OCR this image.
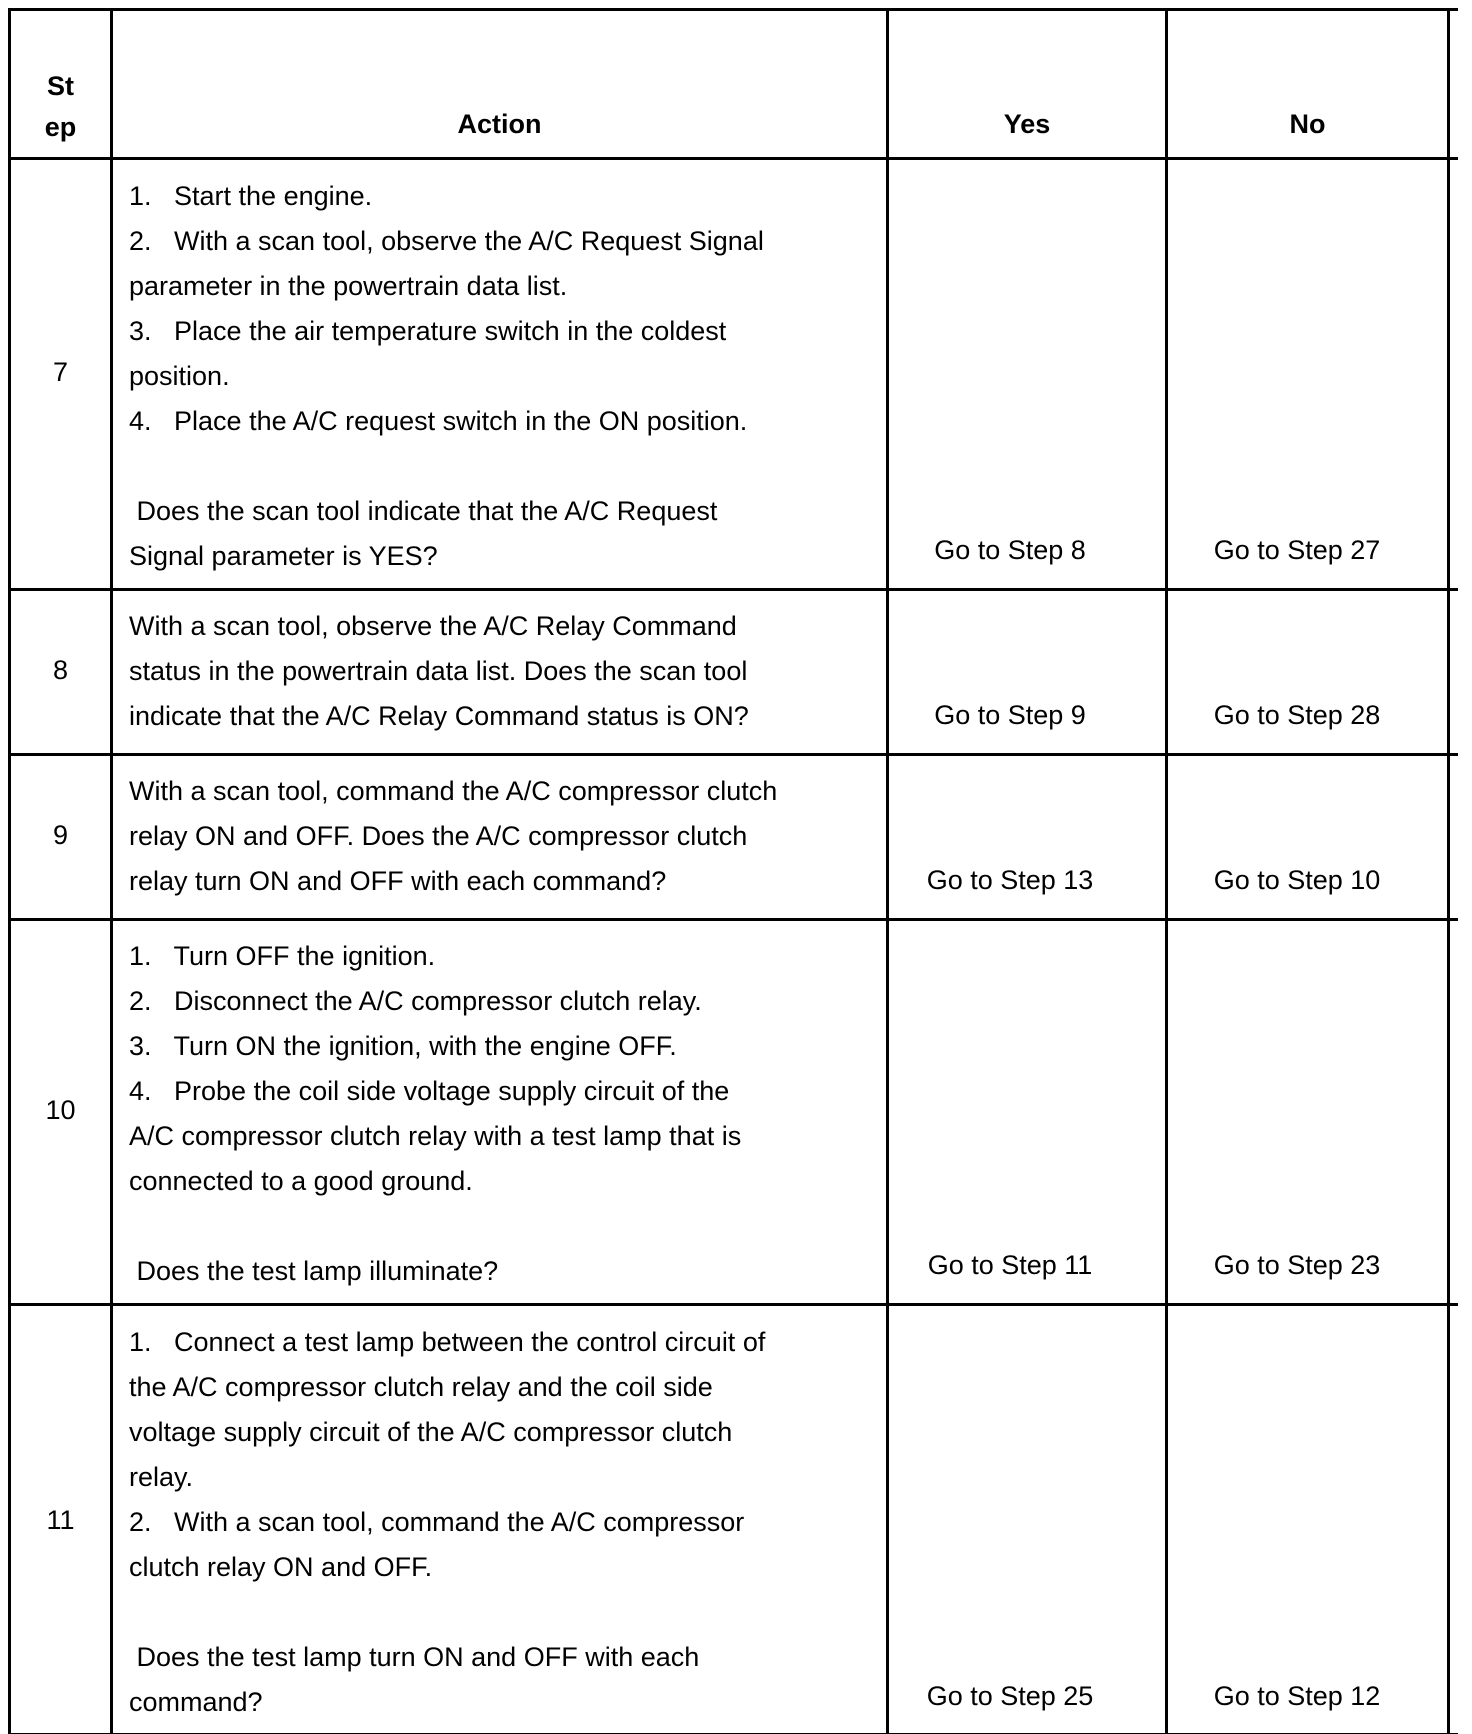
St
ep	Action	Yes	No
7
1.   Start the engine.
2.   With a scan tool, observe the A/C Request Signal
parameter in the powertrain data list.
3.   Place the air temperature switch in the coldest
position.
4.   Place the A/C request switch in the ON position.

Does the scan tool indicate that the A/C Request
Signal parameter is YES?	Go to Step 8	Go to Step 27
8
With a scan tool, observe the A/C Relay Command
status in the powertrain data list. Does the scan tool
indicate that the A/C Relay Command status is ON?	Go to Step 9	Go to Step 28
9
With a scan tool, command the A/C compressor clutch
relay ON and OFF. Does the A/C compressor clutch
relay turn ON and OFF with each command?	Go to Step 13	Go to Step 10
10
1.   Turn OFF the ignition.
2.   Disconnect the A/C compressor clutch relay.
3.   Turn ON the ignition, with the engine OFF.
4.   Probe the coil side voltage supply circuit of the
A/C compressor clutch relay with a test lamp that is
connected to a good ground.

Does the test lamp illuminate?	Go to Step 11	Go to Step 23
11
1.   Connect a test lamp between the control circuit of
the A/C compressor clutch relay and the coil side
voltage supply circuit of the A/C compressor clutch
relay.
2.   With a scan tool, command the A/C compressor
clutch relay ON and OFF.

Does the test lamp turn ON and OFF with each
command?	Go to Step 25	Go to Step 12
